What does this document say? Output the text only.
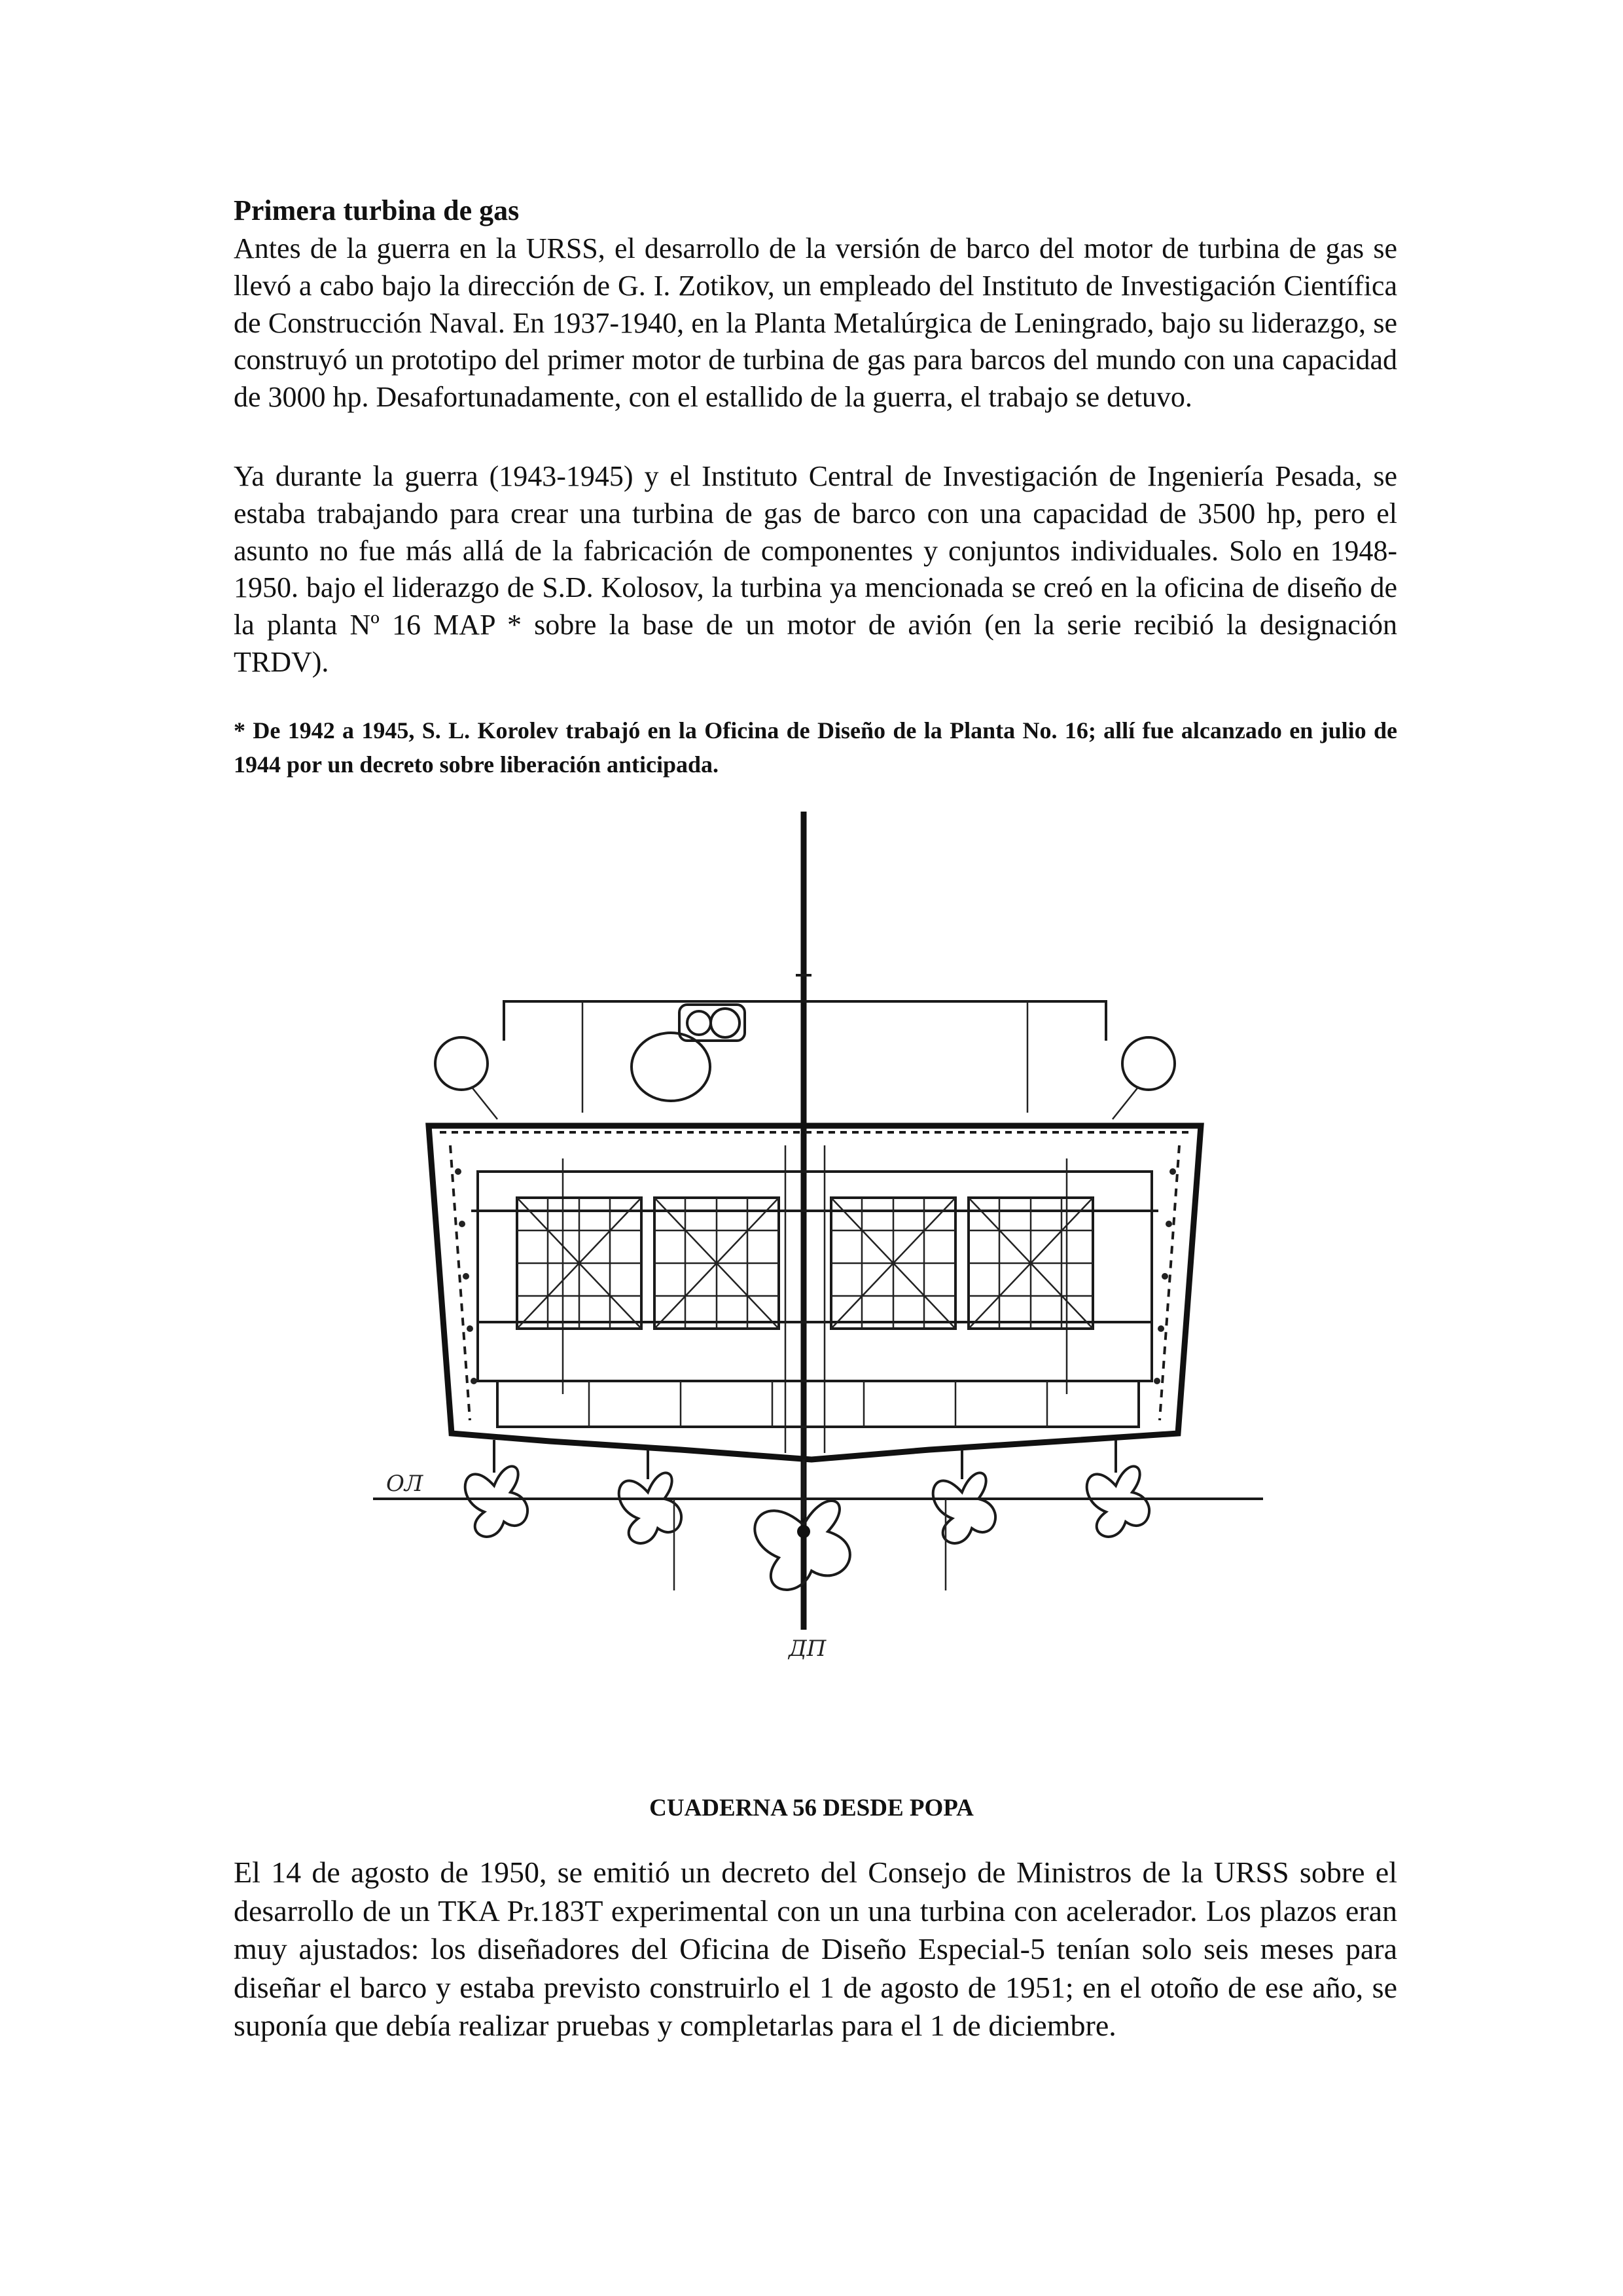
Primera turbina de gas

Antes de la guerra en la URSS, el desarrollo de la versión de barco del motor de turbina de gas se llevó a cabo bajo la dirección de G. I. Zotikov, un empleado del Instituto de Investigación Científica de Construcción Naval. En 1937-1940, en la Planta Metalúrgica de Leningrado, bajo su liderazgo, se construyó un prototipo del primer motor de turbina de gas para barcos del mundo con una capacidad de 3000 hp. Desafortunadamente, con el estallido de la guerra, el trabajo se detuvo.

Ya durante la guerra (1943-1945) y el Instituto Central de Investigación de Ingeniería Pesada, se estaba trabajando para crear una turbina de gas de barco con una capacidad de 3500 hp, pero el asunto no fue más allá de la fabricación de componentes y conjuntos individuales. Solo en 1948-1950. bajo el liderazgo de S.D. Kolosov, la turbina ya mencionada se creó en la oficina de diseño de la planta Nº 16 MAP * sobre la base de un motor de avión (en la serie recibió la designación TRDV).

* De 1942 a 1945, S. L. Korolev trabajó en la Oficina de Diseño de la Planta No. 16; allí fue alcanzado en julio de 1944 por un decreto sobre liberación anticipada.

ОЛ
ДП

CUADERNA 56 DESDE POPA

El 14 de agosto de 1950, se emitió un decreto del Consejo de Ministros de la URSS sobre el desarrollo de un TKA Pr.183T experimental con un una turbina con acelerador. Los plazos eran muy ajustados: los diseñadores del Oficina de Diseño Especial-5 tenían solo seis meses para diseñar el barco y estaba previsto construirlo el 1 de agosto de 1951; en el otoño de ese año, se suponía que debía realizar pruebas y completarlas para el 1 de diciembre.
